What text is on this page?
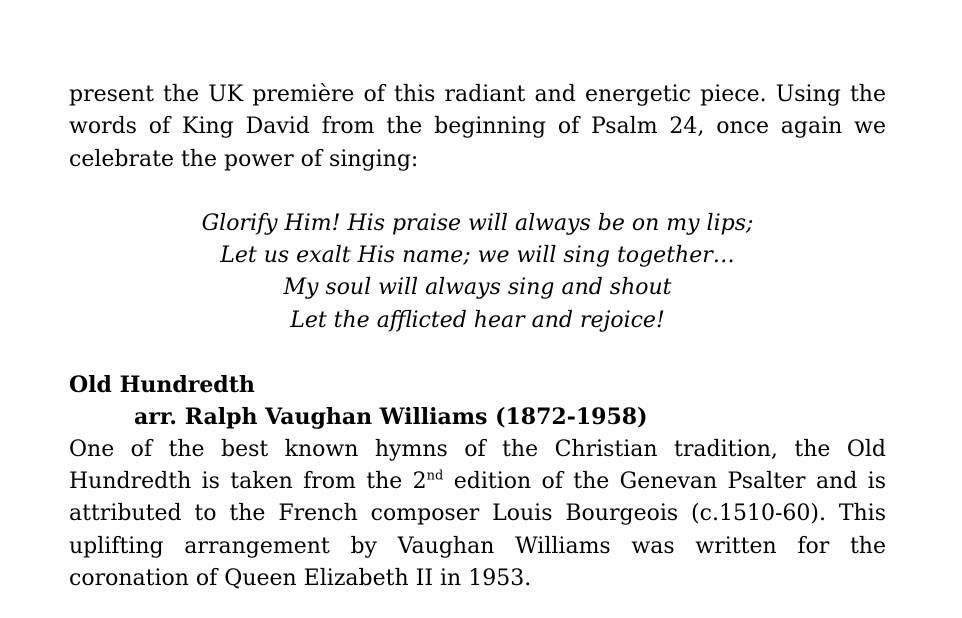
present the UK première of this radiant and energetic piece. Using the
words of King David from the beginning of Psalm 24, once again we
celebrate the power of singing:

Glorify Him! His praise will always be on my lips;
Let us exalt His name; we will sing together…
My soul will always sing and shout
Let the afflicted hear and rejoice!
Old Hundredth
arr. Ralph Vaughan Williams (1872-1958)

One of the best known hymns of the Christian tradition, the Old
Hundredth is taken from the 2nd edition of the Genevan Psalter and is
attributed to the French composer Louis Bourgeois (c.1510-60). This
uplifting arrangement by Vaughan Williams was written for the
coronation of Queen Elizabeth II in 1953.
